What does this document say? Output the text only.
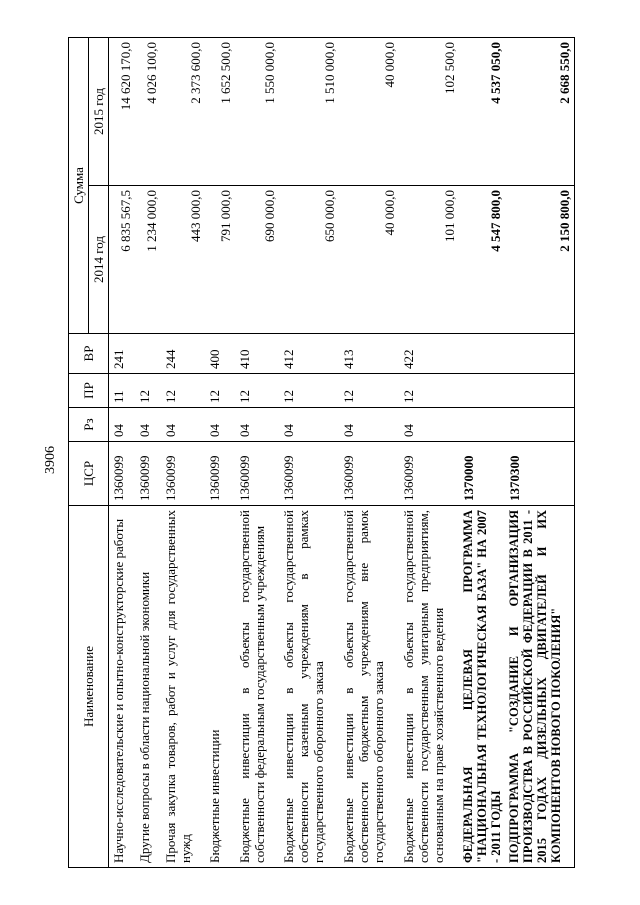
3906
Наименование	ЦСР	Рз	ПР	ВР	Сумма	
					2014 год	2015 год
Научно-исследовательские и опытно-конструкторские работы	1360099	04	11	241	6 835 567,5	14 620 170,0
Другие вопросы в области национальной экономики	1360099	04	12		1 234 000,0	4 026 100,0
Прочая закупка товаров, работ и услуг для государственных нужд	1360099	04	12	244	443 000,0	2 373 600,0
Бюджетные инвестиции	1360099	04	12	400	791 000,0	1 652 500,0
Бюджетные инвестиции в объекты государственной собственности федеральным государственным учреждениям	1360099	04	12	410	690 000,0	1 550 000,0
Бюджетные инвестиции в объекты государственной собственности казенным учреждениям в рамках государственного оборонного заказа	1360099	04	12	412	650 000,0	1 510 000,0
Бюджетные инвестиции в объекты государственной собственности бюджетным учреждениям вне рамок государственного оборонного заказа	1360099	04	12	413	40 000,0	40 000,0
Бюджетные инвестиции в объекты государственной собственности государственным унитарным предприятиям, основанным на праве хозяйственного ведения	1360099	04	12	422	101 000,0	102 500,0
ФЕДЕРАЛЬНАЯ ЦЕЛЕВАЯ ПРОГРАММА "НАЦИОНАЛЬНАЯ ТЕХНОЛОГИЧЕСКАЯ БАЗА" НА 2007 - 2011 ГОДЫ	1370000				4 547 800,0	4 537 050,0
ПОДПРОГРАММА "СОЗДАНИЕ И ОРГАНИЗАЦИЯ ПРОИЗВОДСТВА В РОССИЙСКОЙ ФЕДЕРАЦИИ В 2011 - 2015 ГОДАХ ДИЗЕЛЬНЫХ ДВИГАТЕЛЕЙ И ИХ КОМПОНЕНТОВ НОВОГО ПОКОЛЕНИЯ"	1370300				2 150 800,0	2 668 550,0
